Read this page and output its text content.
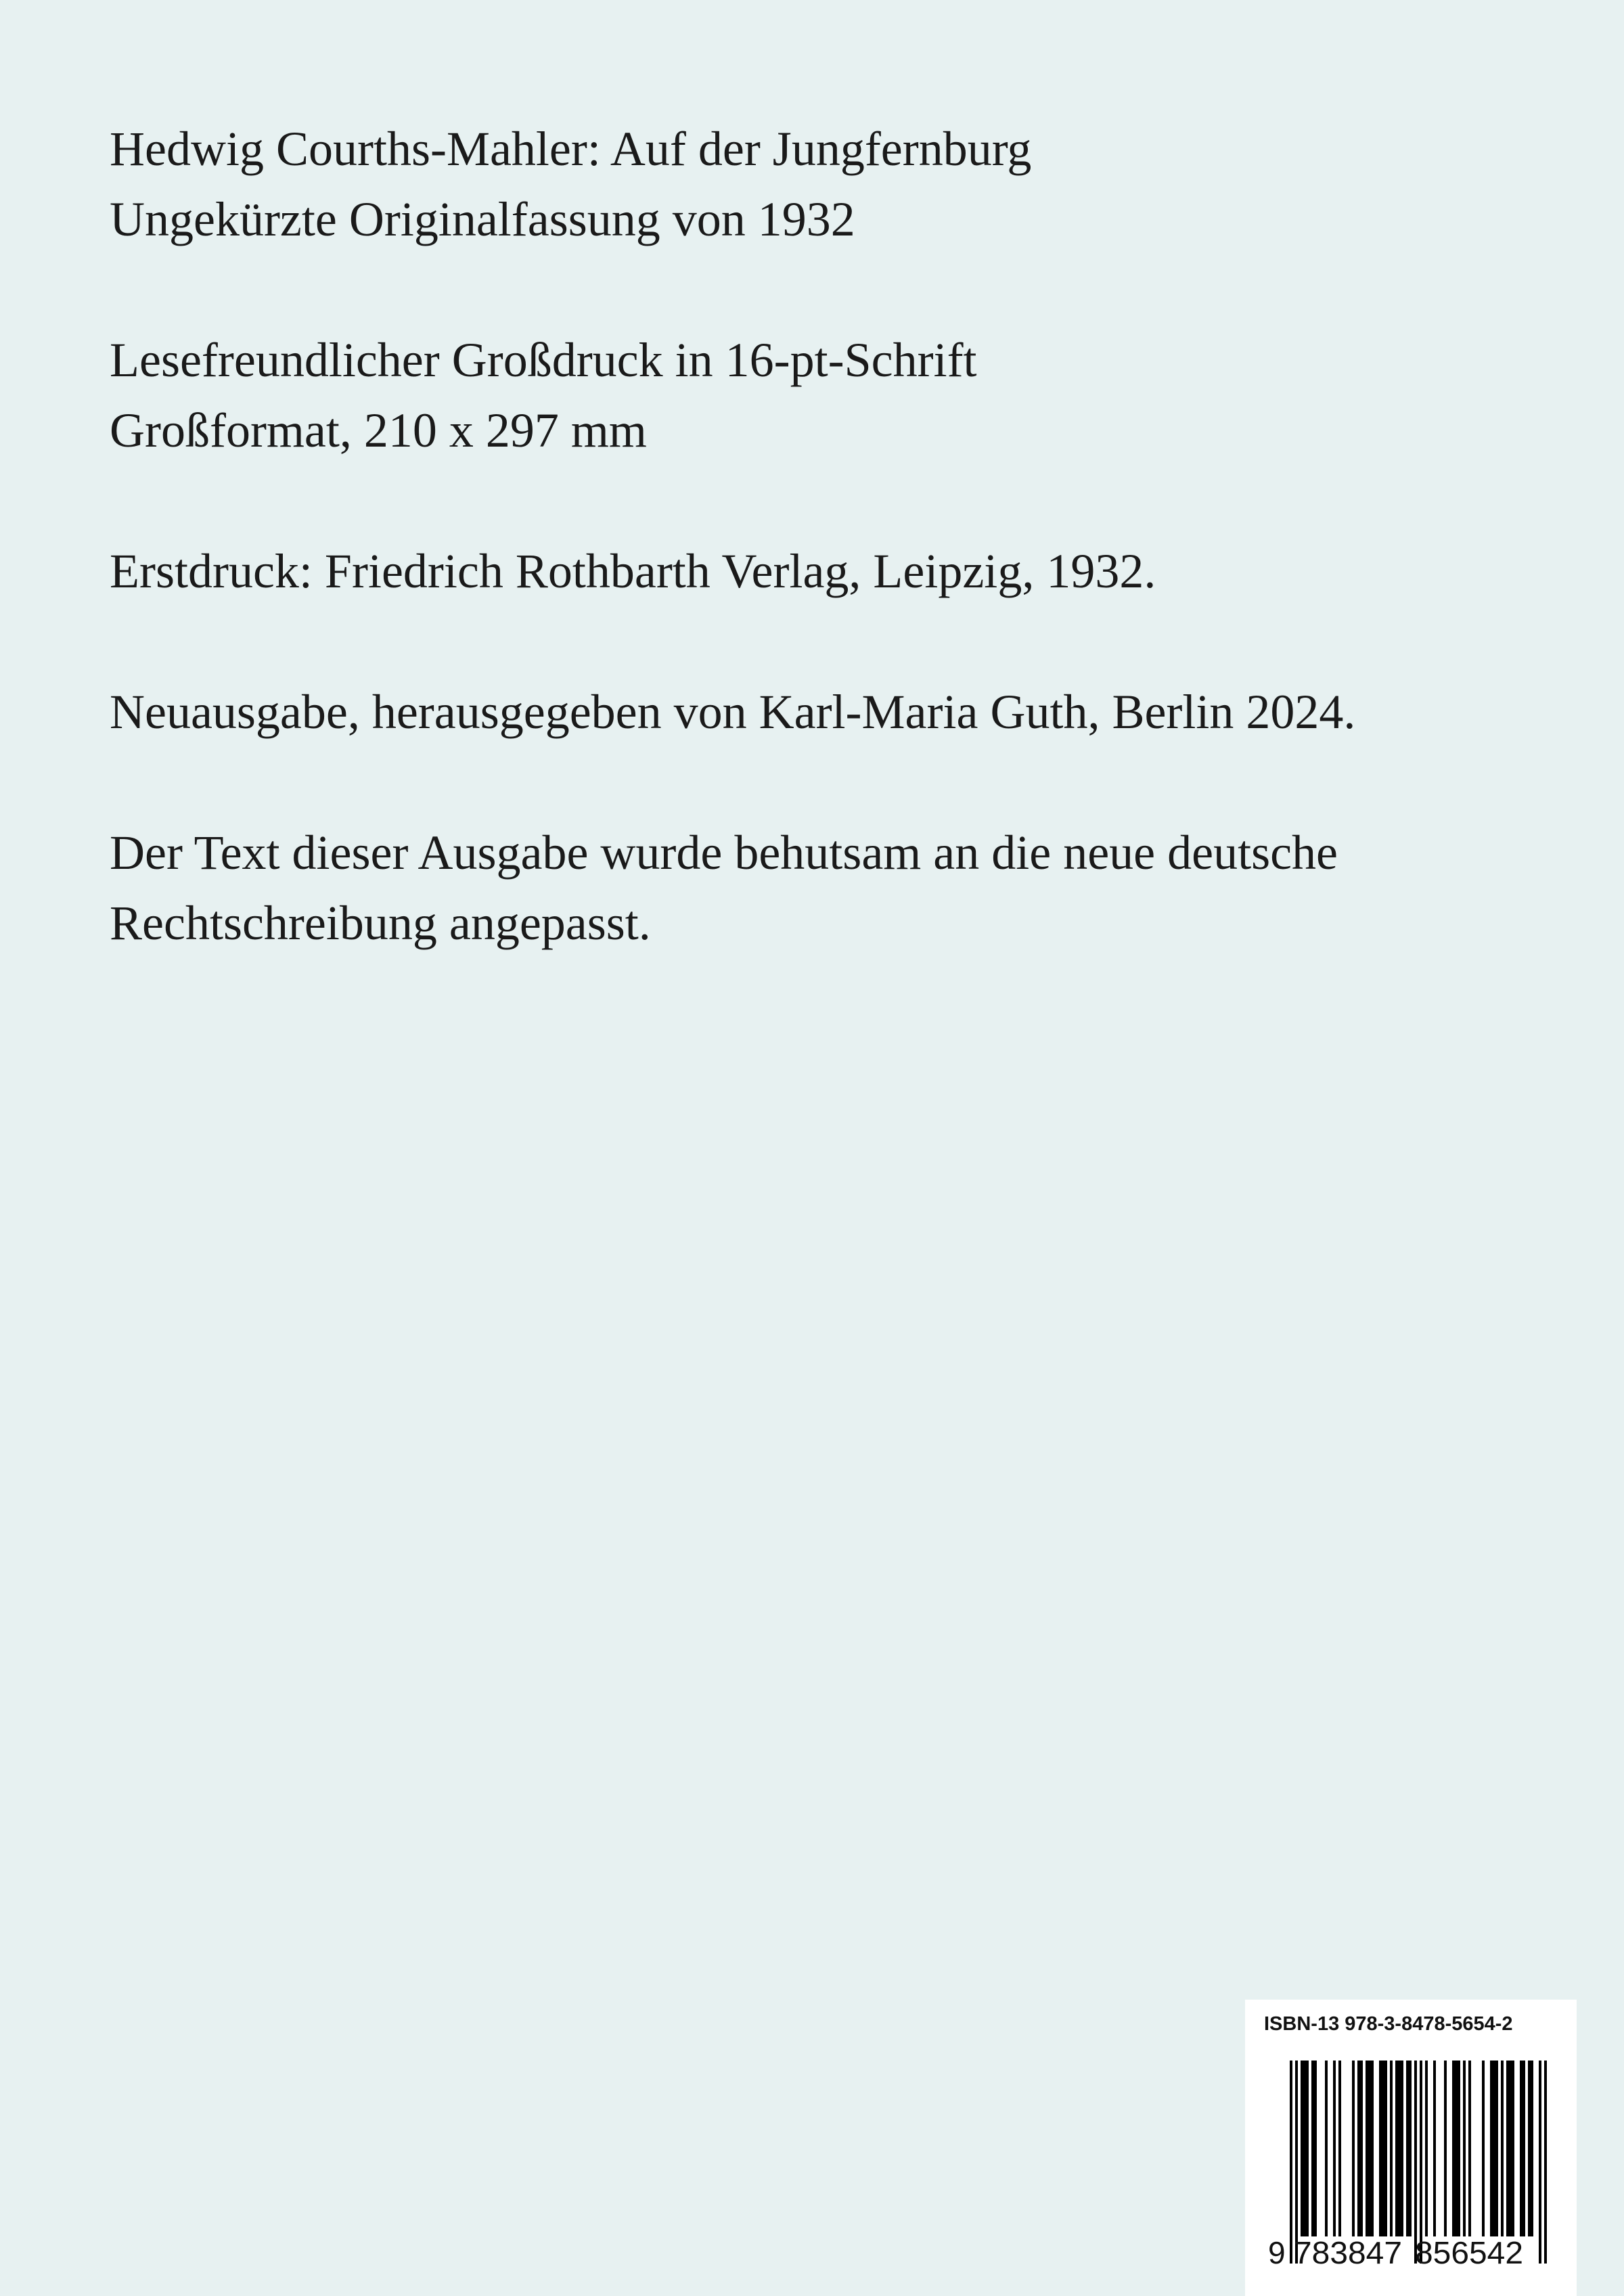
Hedwig Courths-Mahler: Auf der Jungfernburg
Ungekürzte Originalfassung von 1932

Lesefreundlicher Großdruck in 16-pt-Schrift
Großformat, 210 x 297 mm

Erstdruck: Friedrich Rothbarth Verlag, Leipzig, 1932.

Neuausgabe, herausgegeben von Karl-Maria Guth, Berlin 2024.

Der Text dieser Ausgabe wurde behutsam an die neue deutsche
Rechtschreibung angepasst.

ISBN-13 978-3-8478-5654-2
9 783847 856542
